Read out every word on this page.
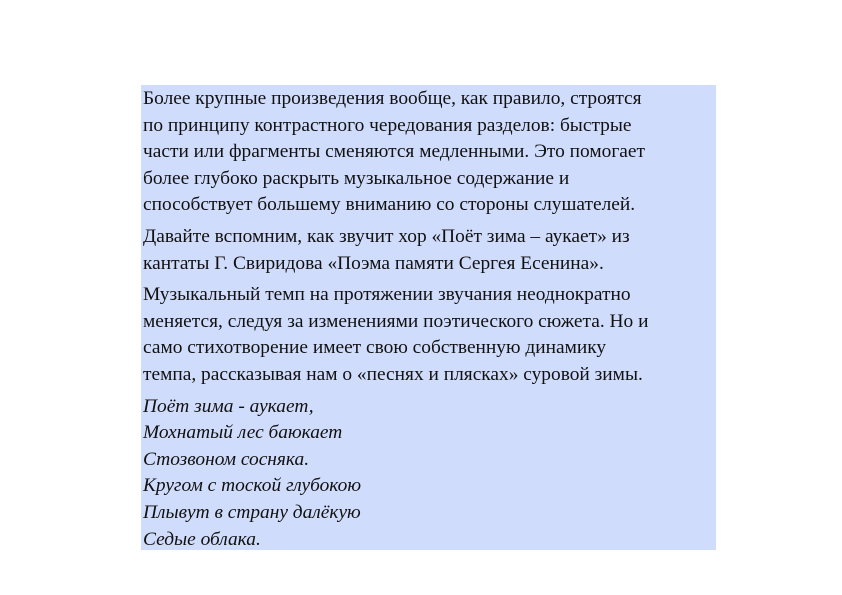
Более крупные произведения вообще, как правило, строятся
по принципу контрастного чередования разделов: быстрые
части или фрагменты сменяются медленными. Это помогает
более глубоко раскрыть музыкальное содержание и
способствует большему вниманию со стороны слушателей.

Давайте вспомним, как звучит хор «Поёт зима – аукает» из
кантаты Г. Свиридова «Поэма памяти Сергея Есенина».

Музыкальный темп на протяжении звучания неоднократно
меняется, следуя за изменениями поэтического сюжета. Но и
само стихотворение имеет свою собственную динамику
темпа, рассказывая нам о «песнях и плясках» суровой зимы.

Поёт зима - аукает,
Мохнатый лес баюкает
Стозвоном сосняка.
Кругом с тоской глубокою
Плывут в страну далёкую
Седые облака.
